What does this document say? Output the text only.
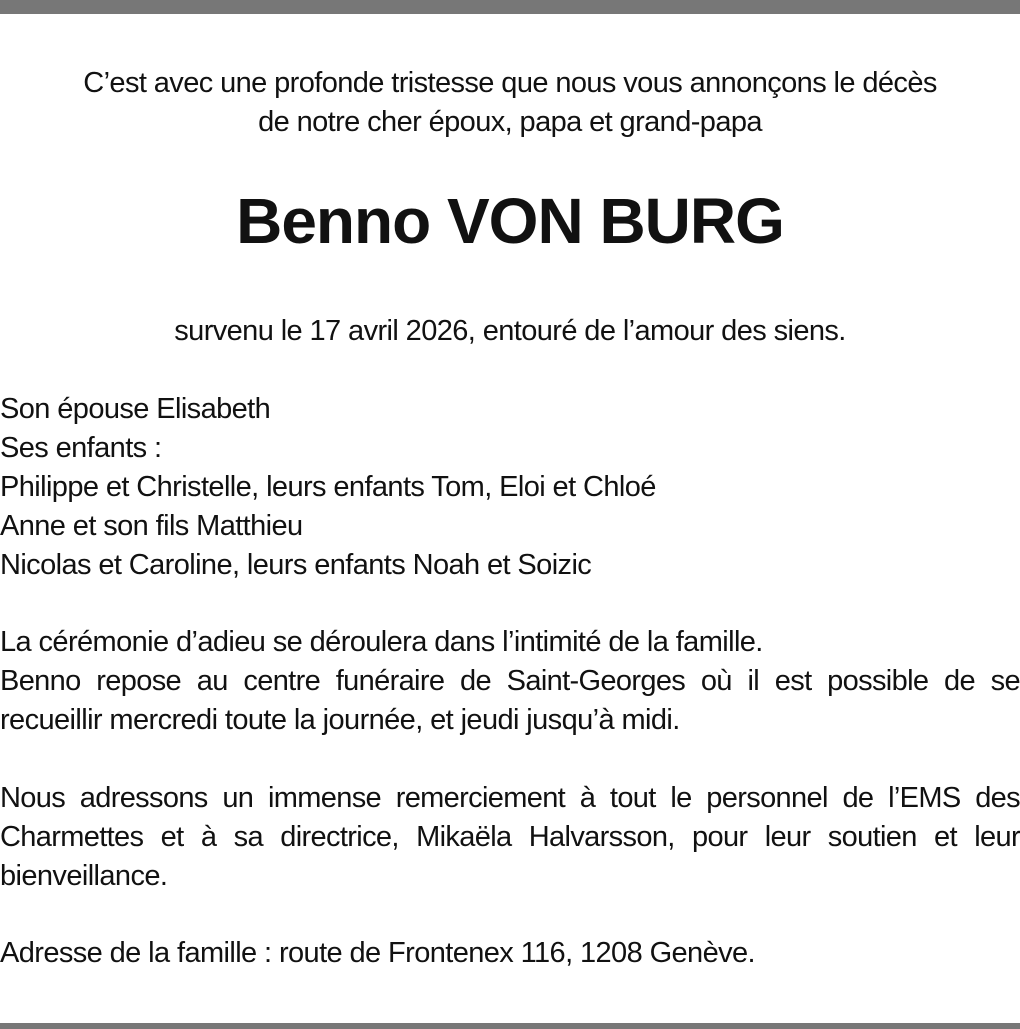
C’est avec une profonde tristesse que nous vous annonçons le décès
de notre cher époux, papa et grand-papa
Benno VON BURG
survenu le 17 avril 2026, entouré de l’amour des siens.
Son épouse Elisabeth
Ses enfants :
Philippe et Christelle, leurs enfants Tom, Eloi et Chloé
Anne et son fils Matthieu
Nicolas et Caroline, leurs enfants Noah et Soizic
La cérémonie d’adieu se déroulera dans l’intimité de la famille.
Benno repose au centre funéraire de Saint-Georges où il est possible de se
recueillir mercredi toute la journée, et jeudi jusqu’à midi.
Nous adressons un immense remerciement à tout le personnel de l’EMS des
Charmettes et à sa directrice, Mikaëla Halvarsson, pour leur soutien et leur
bienveillance.
Adresse de la famille : route de Frontenex 116, 1208 Genève.
